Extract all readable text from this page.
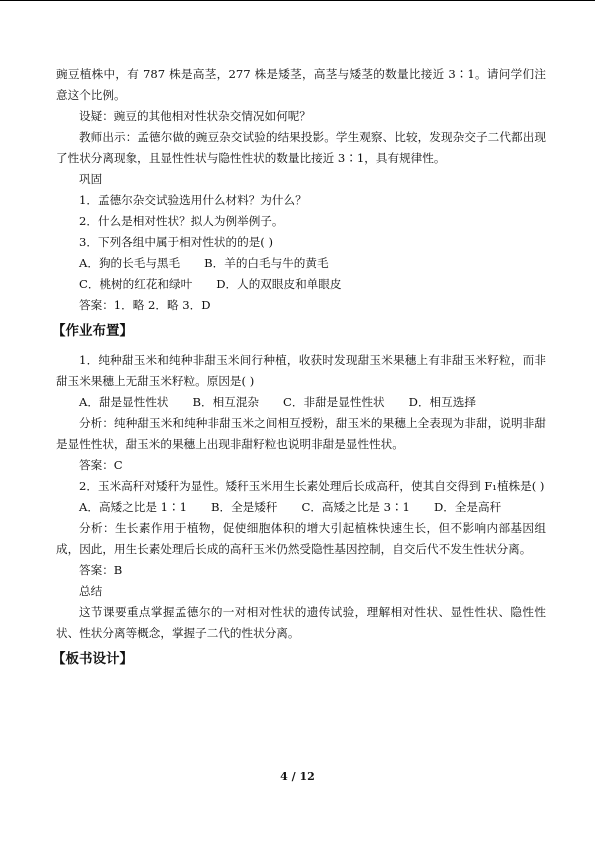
豌豆植株中，有 787 株是高茎，277 株是矮茎，高茎与矮茎的数量比接近 3∶1。请问学们注意这个比例。

设疑：豌豆的其他相对性状杂交情况如何呢？

教师出示：孟德尔做的豌豆杂交试验的结果投影。学生观察、比较，发现杂交子二代都出现了性状分离现象，且显性性状与隐性性状的数量比接近 3∶1，具有规律性。

巩固

1．孟德尔杂交试验选用什么材料？为什么？

2．什么是相对性状？拟人为例举例子。

3．下列各组中属于相对性状的的是( )

A．狗的长毛与黑毛 B．羊的白毛与牛的黄毛
C．桃树的红花和绿叶 D．人的双眼皮和单眼皮

答案：1．略 2．略 3．D

【作业布置】

1．纯种甜玉米和纯种非甜玉米间行种植，收获时发现甜玉米果穗上有非甜玉米籽粒，而非甜玉米果穗上无甜玉米籽粒。原因是( )

A．甜是显性性状 B．相互混杂 C．非甜是显性性状 D．相互选择

分析：纯种甜玉米和纯种非甜玉米之间相互授粉，甜玉米的果穗上全表现为非甜，说明非甜是显性性状，甜玉米的果穗上出现非甜籽粒也说明非甜是显性性状。

答案：C

2．玉米高秆对矮秆为显性。矮秆玉米用生长素处理后长成高秆，使其自交得到 F₁植株是( )

A．高矮之比是 1∶1 B．全是矮秆 C．高矮之比是 3∶1 D．全是高秆

分析：生长素作用于植物，促使细胞体积的增大引起植株快速生长，但不影响内部基因组成，因此，用生长素处理后长成的高秆玉米仍然受隐性基因控制，自交后代不发生性状分离。

答案：B

总结

这节课要重点掌握孟德尔的一对相对性状的遗传试验，理解相对性状、显性性状、隐性性状、性状分离等概念，掌握子二代的性状分离。

【板书设计】
4 / 12
